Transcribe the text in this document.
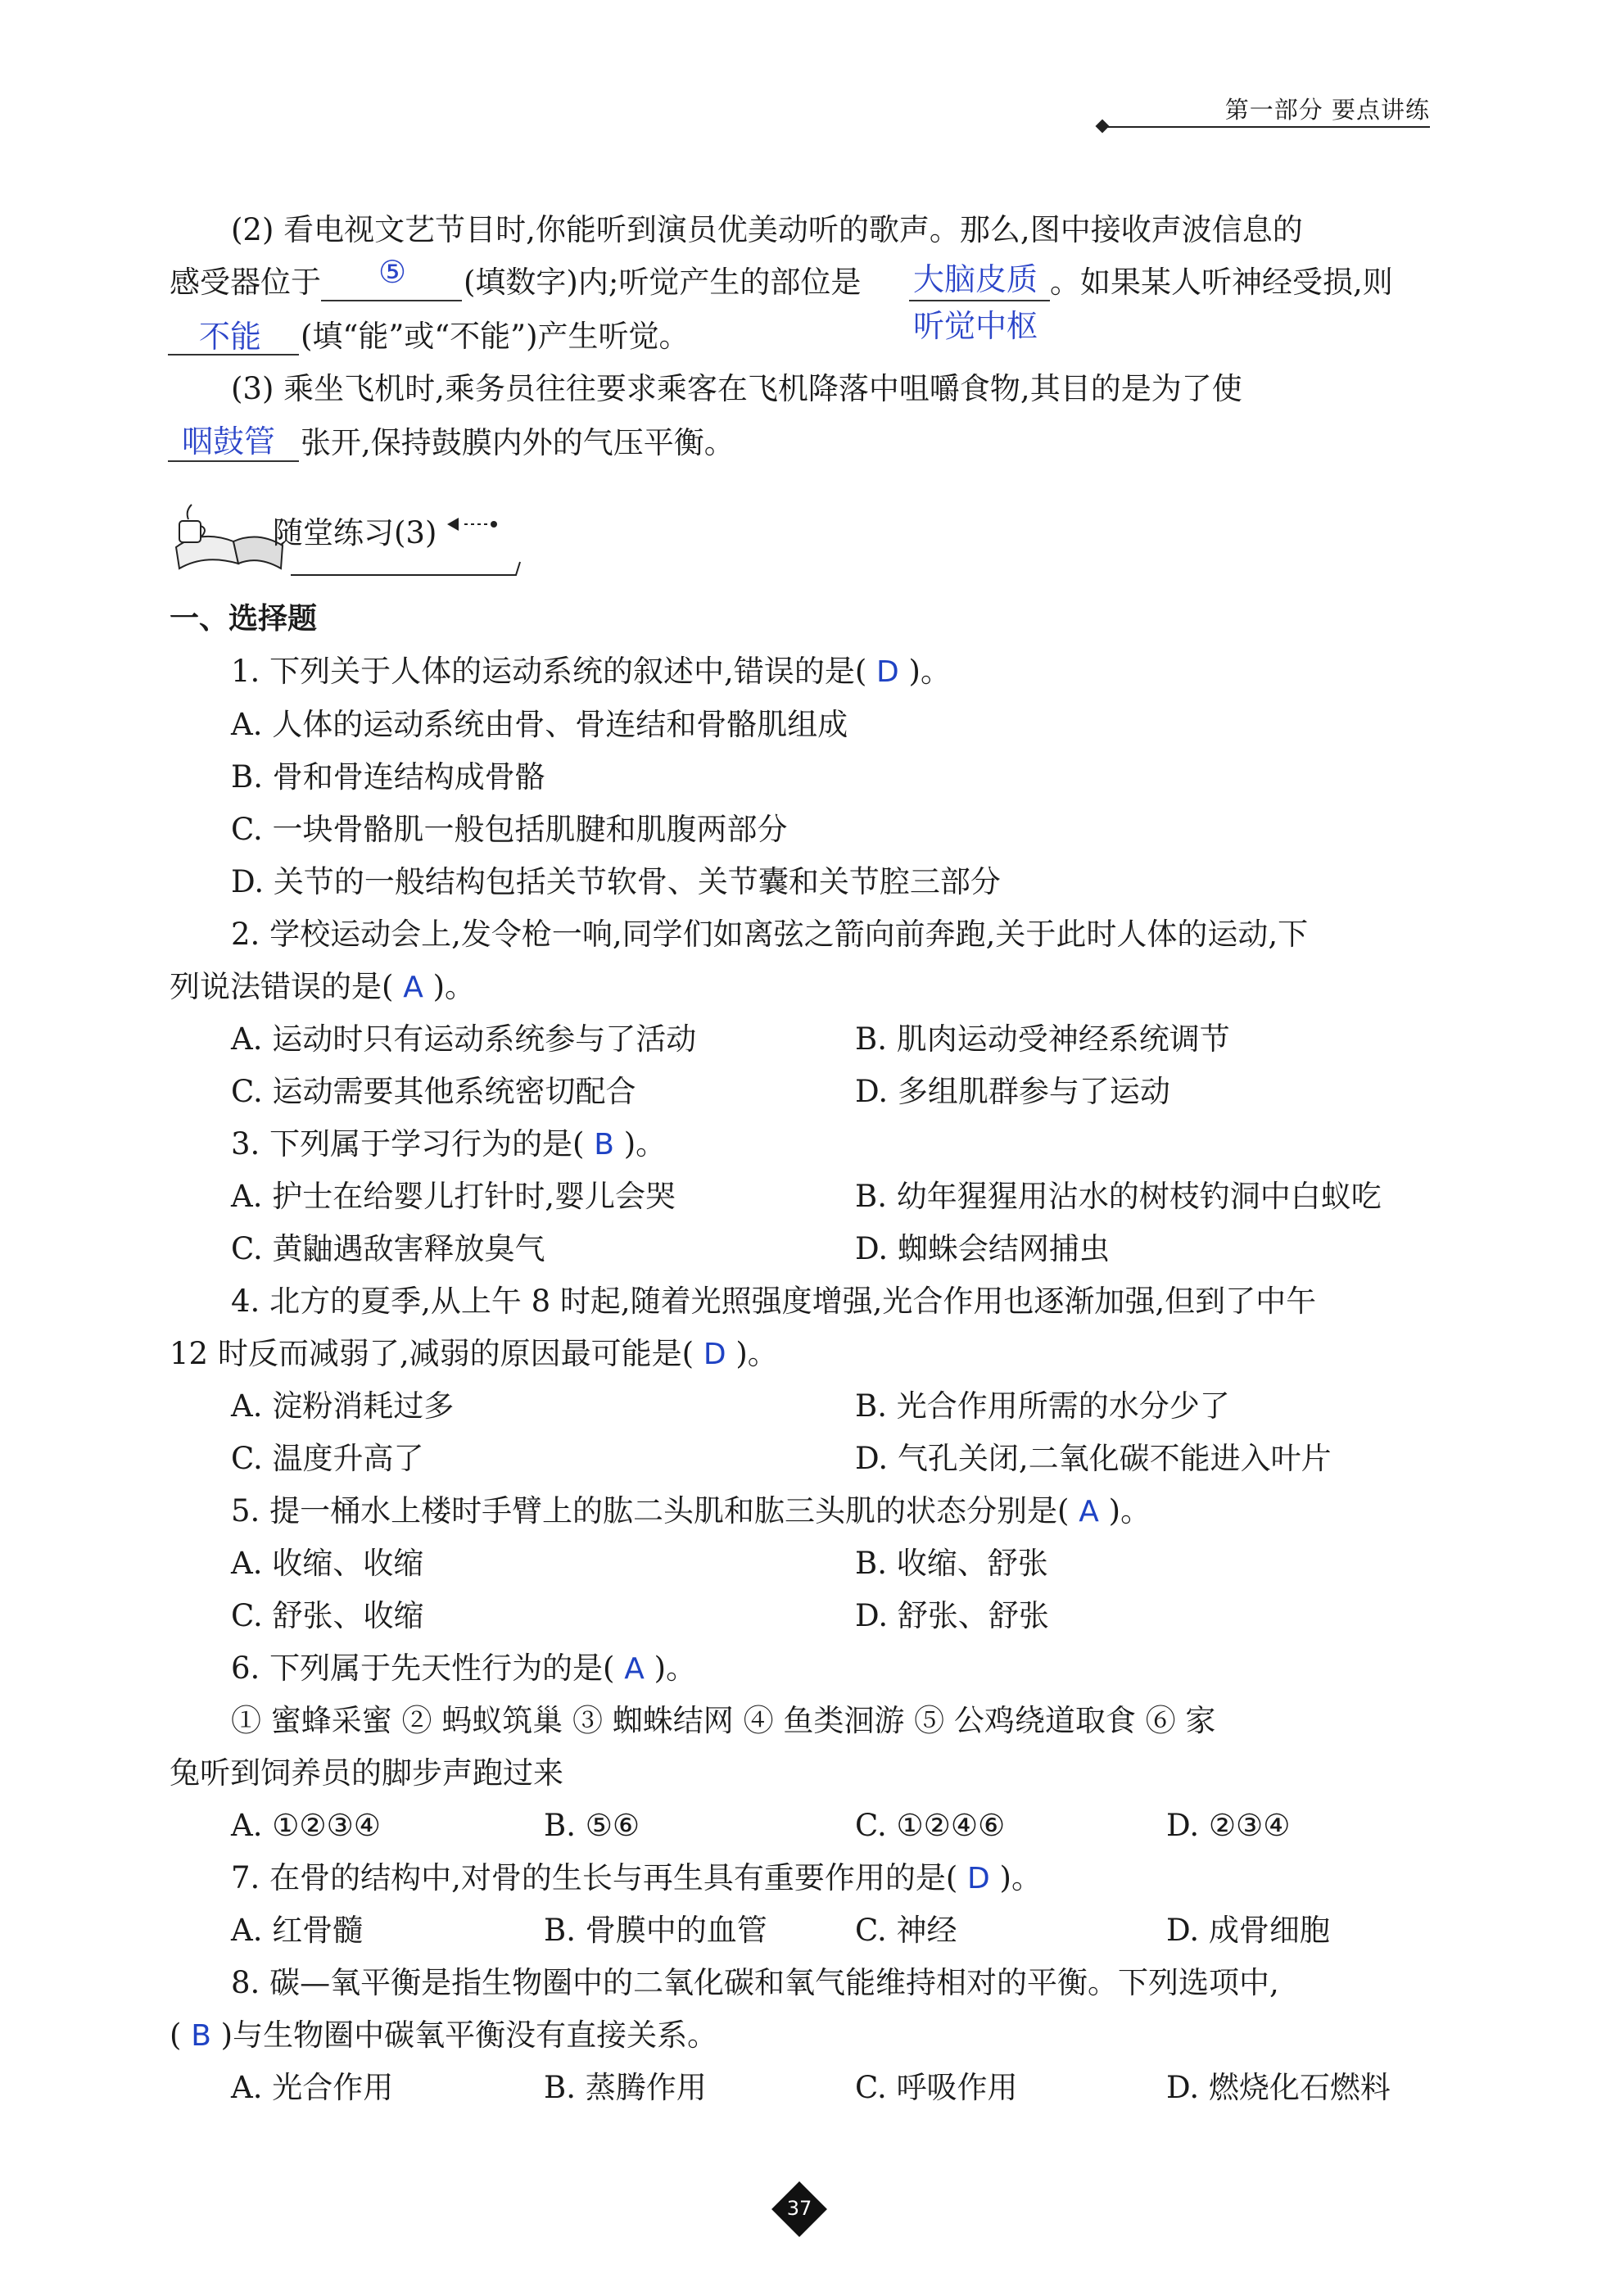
第一部分 要点讲练
(2) 看电视文艺节目时,你能听到演员优美动听的歌声。那么,图中接收声波信息的
感受器位于 ⑤ (填数字)内;听觉产生的部位是 大脑皮质
听觉中枢
。如果某人听神经受损,则
不能 (填“能”或“不能”)产生听觉。
(3) 乘坐飞机时,乘务员往往要求乘客在飞机降落中咀嚼食物,其目的是为了使
咽鼓管 张开,保持鼓膜内外的气压平衡。
随堂练习(3)
一、选择题
1. 下列关于人体的运动系统的叙述中,错误的是( D )。
A. 人体的运动系统由骨、骨连结和骨骼肌组成
B. 骨和骨连结构成骨骼
C. 一块骨骼肌一般包括肌腱和肌腹两部分
D. 关节的一般结构包括关节软骨、关节囊和关节腔三部分
2. 学校运动会上,发令枪一响,同学们如离弦之箭向前奔跑,关于此时人体的运动,下
列说法错误的是( A )。
A. 运动时只有运动系统参与了活动	B. 肌肉运动受神经系统调节
C. 运动需要其他系统密切配合	D. 多组肌群参与了运动
3. 下列属于学习行为的是( B )。
A. 护士在给婴儿打针时,婴儿会哭	B. 幼年猩猩用沾水的树枝钓洞中白蚁吃
C. 黄鼬遇敌害释放臭气	D. 蜘蛛会结网捕虫
4. 北方的夏季,从上午 8 时起,随着光照强度增强,光合作用也逐渐加强,但到了中午
12 时反而减弱了,减弱的原因最可能是( D )。
A. 淀粉消耗过多	B. 光合作用所需的水分少了
C. 温度升高了	D. 气孔关闭,二氧化碳不能进入叶片
5. 提一桶水上楼时手臂上的肱二头肌和肱三头肌的状态分别是( A )。
A. 收缩、收缩	B. 收缩、舒张
C. 舒张、收缩	D. 舒张、舒张
6. 下列属于先天性行为的是( A )。
① 蜜蜂采蜜 ② 蚂蚁筑巢 ③ 蜘蛛结网 ④ 鱼类洄游 ⑤ 公鸡绕道取食 ⑥ 家
兔听到饲养员的脚步声跑过来
A. ①②③④	B. ⑤⑥	C. ①②④⑥	D. ②③④
7. 在骨的结构中,对骨的生长与再生具有重要作用的是( D )。
A. 红骨髓	B. 骨膜中的血管	C. 神经	D. 成骨细胞
8. 碳—氧平衡是指生物圈中的二氧化碳和氧气能维持相对的平衡。下列选项中,
( B )与生物圈中碳氧平衡没有直接关系。
A. 光合作用	B. 蒸腾作用	C. 呼吸作用	D. 燃烧化石燃料
37
